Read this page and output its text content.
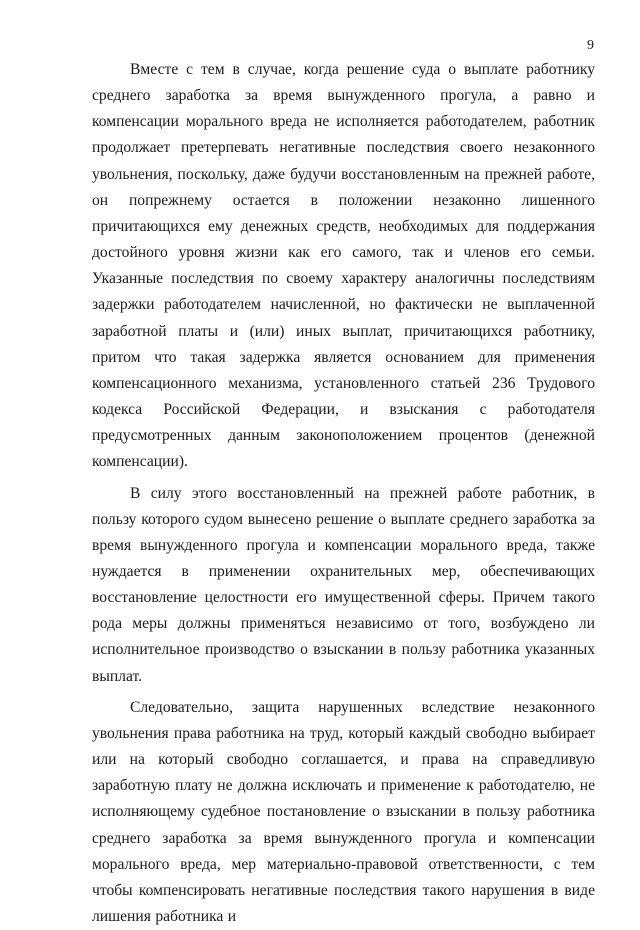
9

Вместе с тем в случае, когда решение суда о выплате работнику среднего заработка за время вынужденного прогула, а равно и компенсации морального вреда не исполняется работодателем, работник продолжает претерпевать негативные последствия своего незаконного увольнения, поскольку, даже будучи восстановленным на прежней работе, он попрежнему остается в положении незаконно лишенного причитающихся ему денежных средств, необходимых для поддержания достойного уровня жизни как его самого, так и членов его семьи. Указанные последствия по своему характеру аналогичны последствиям задержки работодателем начисленной, но фактически не выплаченной заработной платы и (или) иных выплат, причитающихся работнику, притом что такая задержка является основанием для применения компенсационного механизма, установленного статьей 236 Трудового кодекса Российской Федерации, и взыскания с работодателя предусмотренных данным законоположением процентов (денежной компенсации).

В силу этого восстановленный на прежней работе работник, в пользу которого судом вынесено решение о выплате среднего заработка за время вынужденного прогула и компенсации морального вреда, также нуждается в применении охранительных мер, обеспечивающих восстановление целостности его имущественной сферы. Причем такого рода меры должны применяться независимо от того, возбуждено ли исполнительное производство о взыскании в пользу работника указанных выплат.

Следовательно, защита нарушенных вследствие незаконного увольнения права работника на труд, который каждый свободно выбирает или на который свободно соглашается, и права на справедливую заработную плату не должна исключать и применение к работодателю, не исполняющему судебное постановление о взыскании в пользу работника среднего заработка за время вынужденного прогула и компенсации морального вреда, мер материально-правовой ответственности, с тем чтобы компенсировать негативные последствия такого нарушения в виде лишения работника и
